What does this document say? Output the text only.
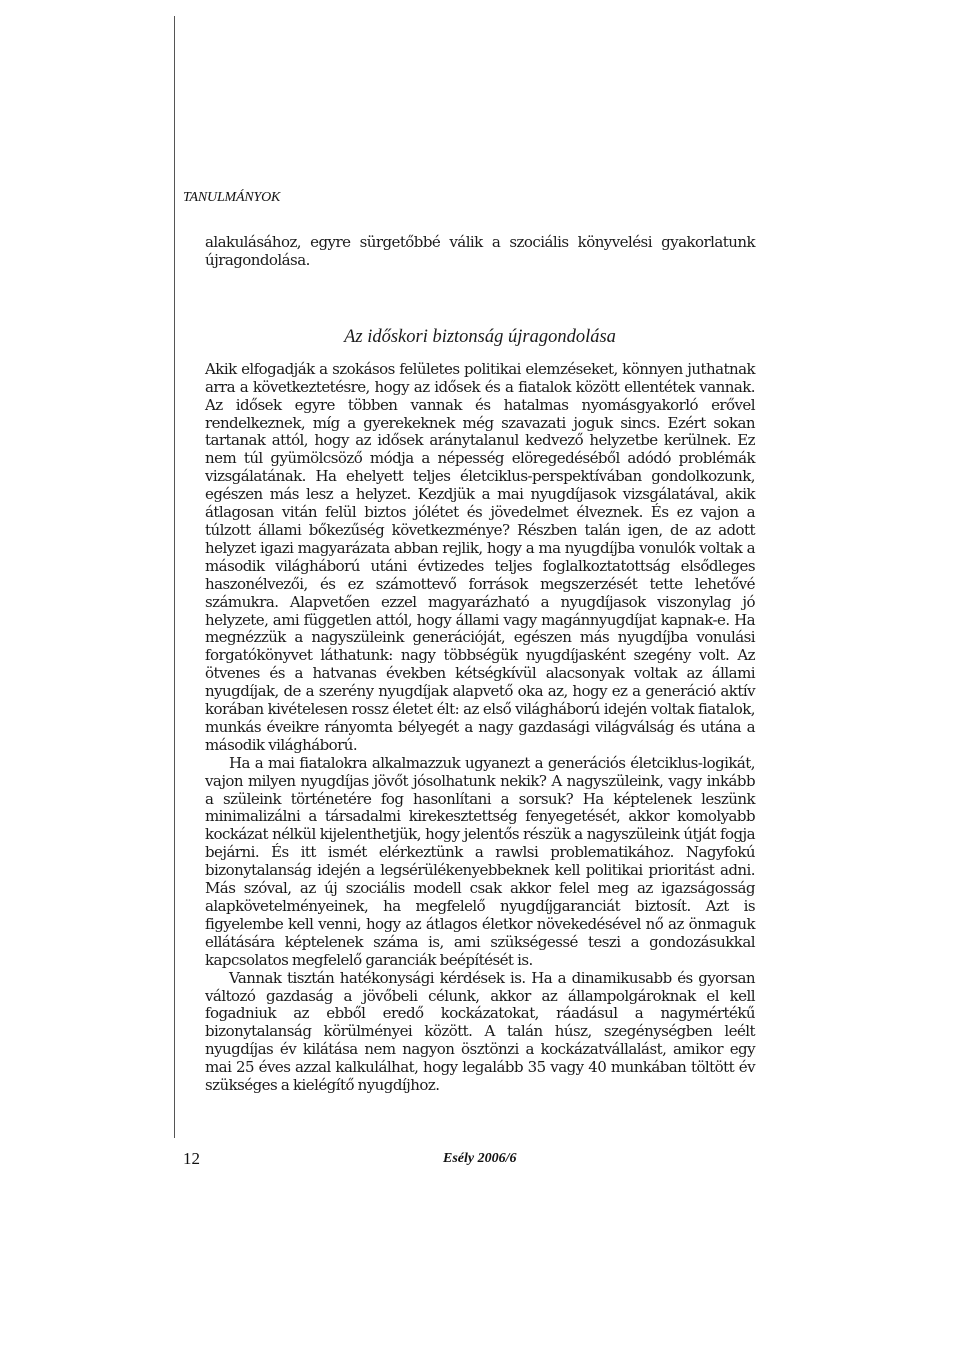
TANULMÁNYOK

alakulásához, egyre sürgetőbbé válik a szociális könyvelési gyakorlatunk újragondolása.

Az időskori biztonság újragondolása

Akik elfogadják a szokásos felületes politikai elemzéseket, könnyen juthatnak arra a következtetésre, hogy az idősek és a fiatalok között ellentétek vannak. Az idősek egyre többen vannak és hatalmas nyomásgyakorló erővel rendelkeznek, míg a gyerekeknek még szavazati joguk sincs. Ezért sokan tartanak attól, hogy az idősek aránytalanul kedvező helyzetbe kerülnek. Ez nem túl gyümölcsöző módja a népesség elöregedéséből adódó problémák vizsgálatának. Ha ehelyett teljes életciklus-perspektívában gondolkozunk, egészen más lesz a helyzet. Kezdjük a mai nyugdíjasok vizsgálatával, akik átlagosan vitán felül biztos jólétet és jövedelmet élveznek. És ez vajon a túlzott állami bőkezűség következménye? Részben talán igen, de az adott helyzet igazi magyarázata abban rejlik, hogy a ma nyugdíjba vonulók voltak a második világháború utáni évtizedes teljes foglalkoztatottság elsődleges haszonélvezői, és ez számottevő források megszerzését tette lehetővé számukra. Alapvetően ezzel magyarázható a nyugdíjasok viszonylag jó helyzete, ami független attól, hogy állami vagy magánnyugdíjat kapnak-e. Ha megnézzük a nagyszüleink generációját, egészen más nyugdíjba vonulási forgatókönyvet láthatunk: nagy többségük nyugdíjasként szegény volt. Az ötvenes és a hatvanas években kétségkívül alacsonyak voltak az állami nyugdíjak, de a szerény nyugdíjak alapvető oka az, hogy ez a generáció aktív korában kivételesen rossz életet élt: az első világháború idején voltak fiatalok, munkás éveikre rányomta bélyegét a nagy gazdasági világválság és utána a második világháború.

Ha a mai fiatalokra alkalmazzuk ugyanezt a generációs életciklus-logikát, vajon milyen nyugdíjas jövőt jósolhatunk nekik? A nagyszüleink, vagy inkább a szüleink történetére fog hasonlítani a sorsuk? Ha képtelenek leszünk minimalizálni a társadalmi kirekesztettség fenyegetését, akkor komolyabb kockázat nélkül kijelenthetjük, hogy jelentős részük a nagyszüleink útját fogja bejárni. És itt ismét elérkeztünk a rawlsi problematikához. Nagyfokú bizonytalanság idején a legsérülékenyebbeknek kell politikai prioritást adni. Más szóval, az új szociális modell csak akkor felel meg az igazságosság alapkövetelményeinek, ha megfelelő nyugdíjgaranciát biztosít. Azt is figyelembe kell venni, hogy az átlagos életkor növekedésével nő az önmaguk ellátására képtelenek száma is, ami szükségessé teszi a gondozásukkal kapcsolatos megfelelő garanciák beépítését is.

Vannak tisztán hatékonysági kérdések is. Ha a dinamikusabb és gyorsan változó gazdaság a jövőbeli célunk, akkor az állampolgároknak el kell fogadniuk az ebből eredő kockázatokat, ráadásul a nagymértékű bizonytalanság körülményei között. A talán húsz, szegénységben leélt nyugdíjas év kilátása nem nagyon ösztönzi a kockázatvállalást, amikor egy mai 25 éves azzal kalkulálhat, hogy legalább 35 vagy 40 munkában töltött év szükséges a kielégítő nyugdíjhoz.

12	Esély 2006/6
